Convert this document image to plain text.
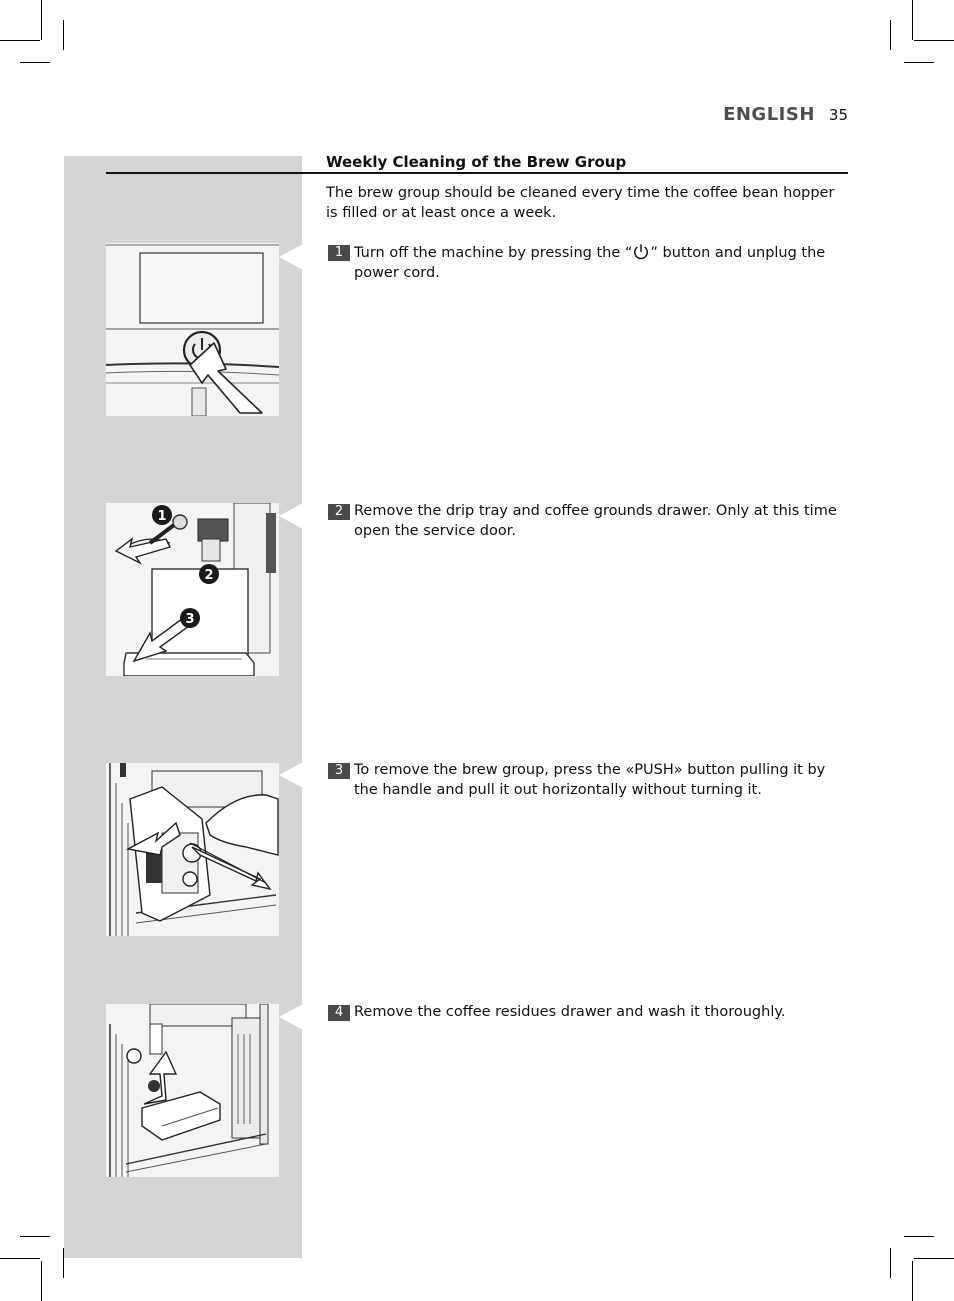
ENGLISH 35
Weekly Cleaning of the Brew Group
The brew group should be cleaned every time the coffee bean hopper is filled or at least once a week.
1 Turn off the machine by pressing the “ ” button and unplug the power cord.
2 Remove the drip tray and coffee grounds drawer. Only at this time open the service door.
3 To remove the brew group, press the «PUSH» button pulling it by the handle and pull it out horizontally without turning it.
4 Remove the coffee residues drawer and wash it thoroughly.
1
2
3
